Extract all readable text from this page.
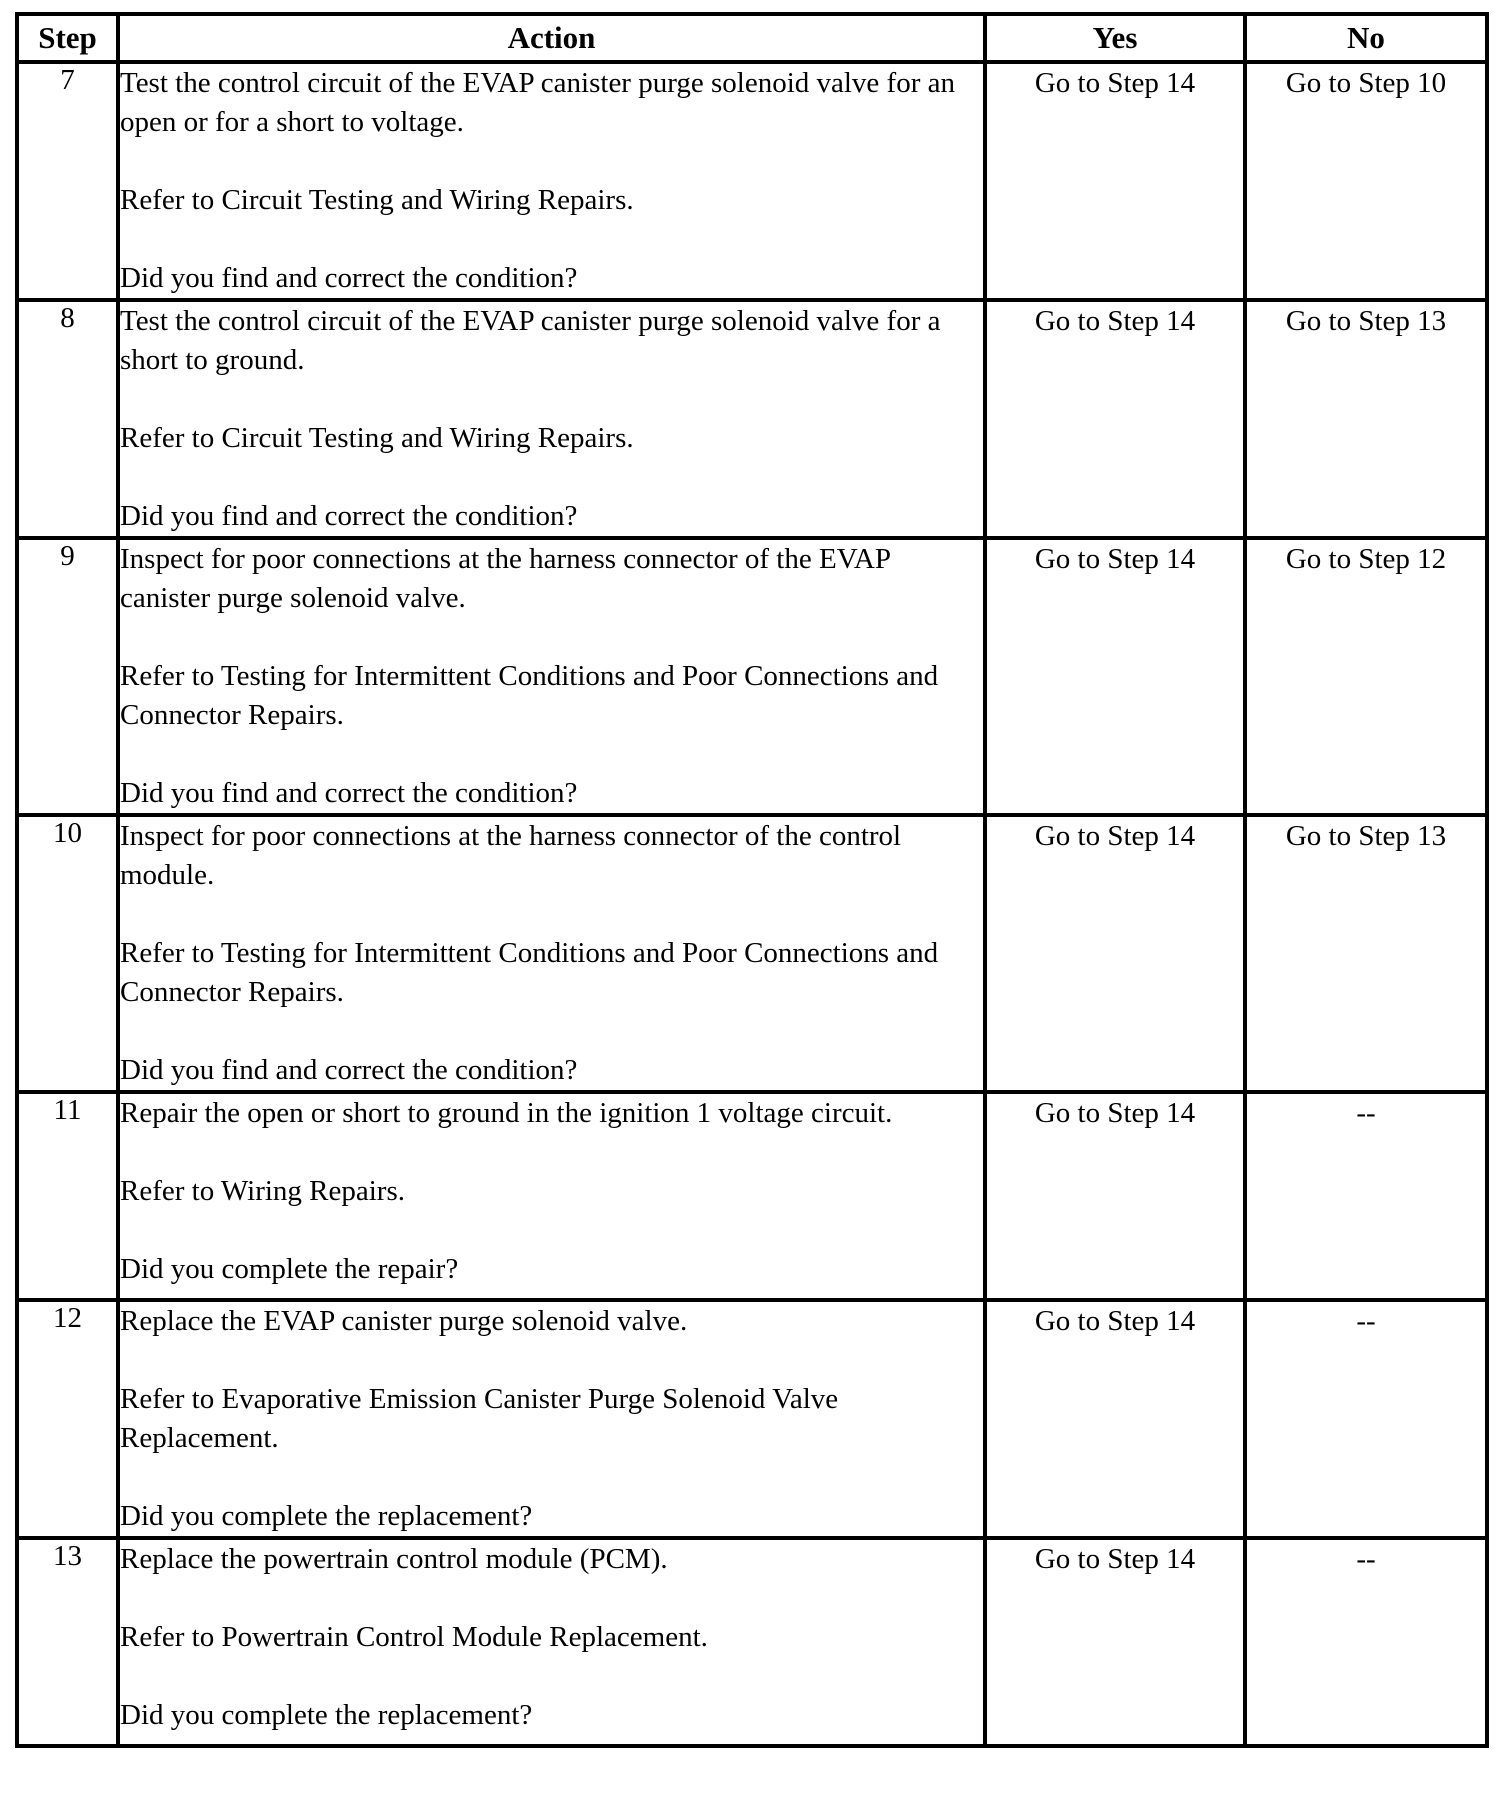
Step	Action	Yes	No
7	Test the control circuit of the EVAP canister purge solenoid valve for an open or for a short to voltage.

Refer to Circuit Testing and Wiring Repairs.

Did you find and correct the condition?	Go to Step 14	Go to Step 10
8	Test the control circuit of the EVAP canister purge solenoid valve for a short to ground.

Refer to Circuit Testing and Wiring Repairs.

Did you find and correct the condition?	Go to Step 14	Go to Step 13
9	Inspect for poor connections at the harness connector of the EVAP canister purge solenoid valve.

Refer to Testing for Intermittent Conditions and Poor Connections and Connector Repairs.

Did you find and correct the condition?	Go to Step 14	Go to Step 12
10	Inspect for poor connections at the harness connector of the control module.

Refer to Testing for Intermittent Conditions and Poor Connections and Connector Repairs.

Did you find and correct the condition?	Go to Step 14	Go to Step 13
11	Repair the open or short to ground in the ignition 1 voltage circuit.

Refer to Wiring Repairs.

Did you complete the repair?	Go to Step 14	--
12	Replace the EVAP canister purge solenoid valve.

Refer to Evaporative Emission Canister Purge Solenoid Valve Replacement.

Did you complete the replacement?	Go to Step 14	--
13	Replace the powertrain control module (PCM).

Refer to Powertrain Control Module Replacement.

Did you complete the replacement?	Go to Step 14	--
